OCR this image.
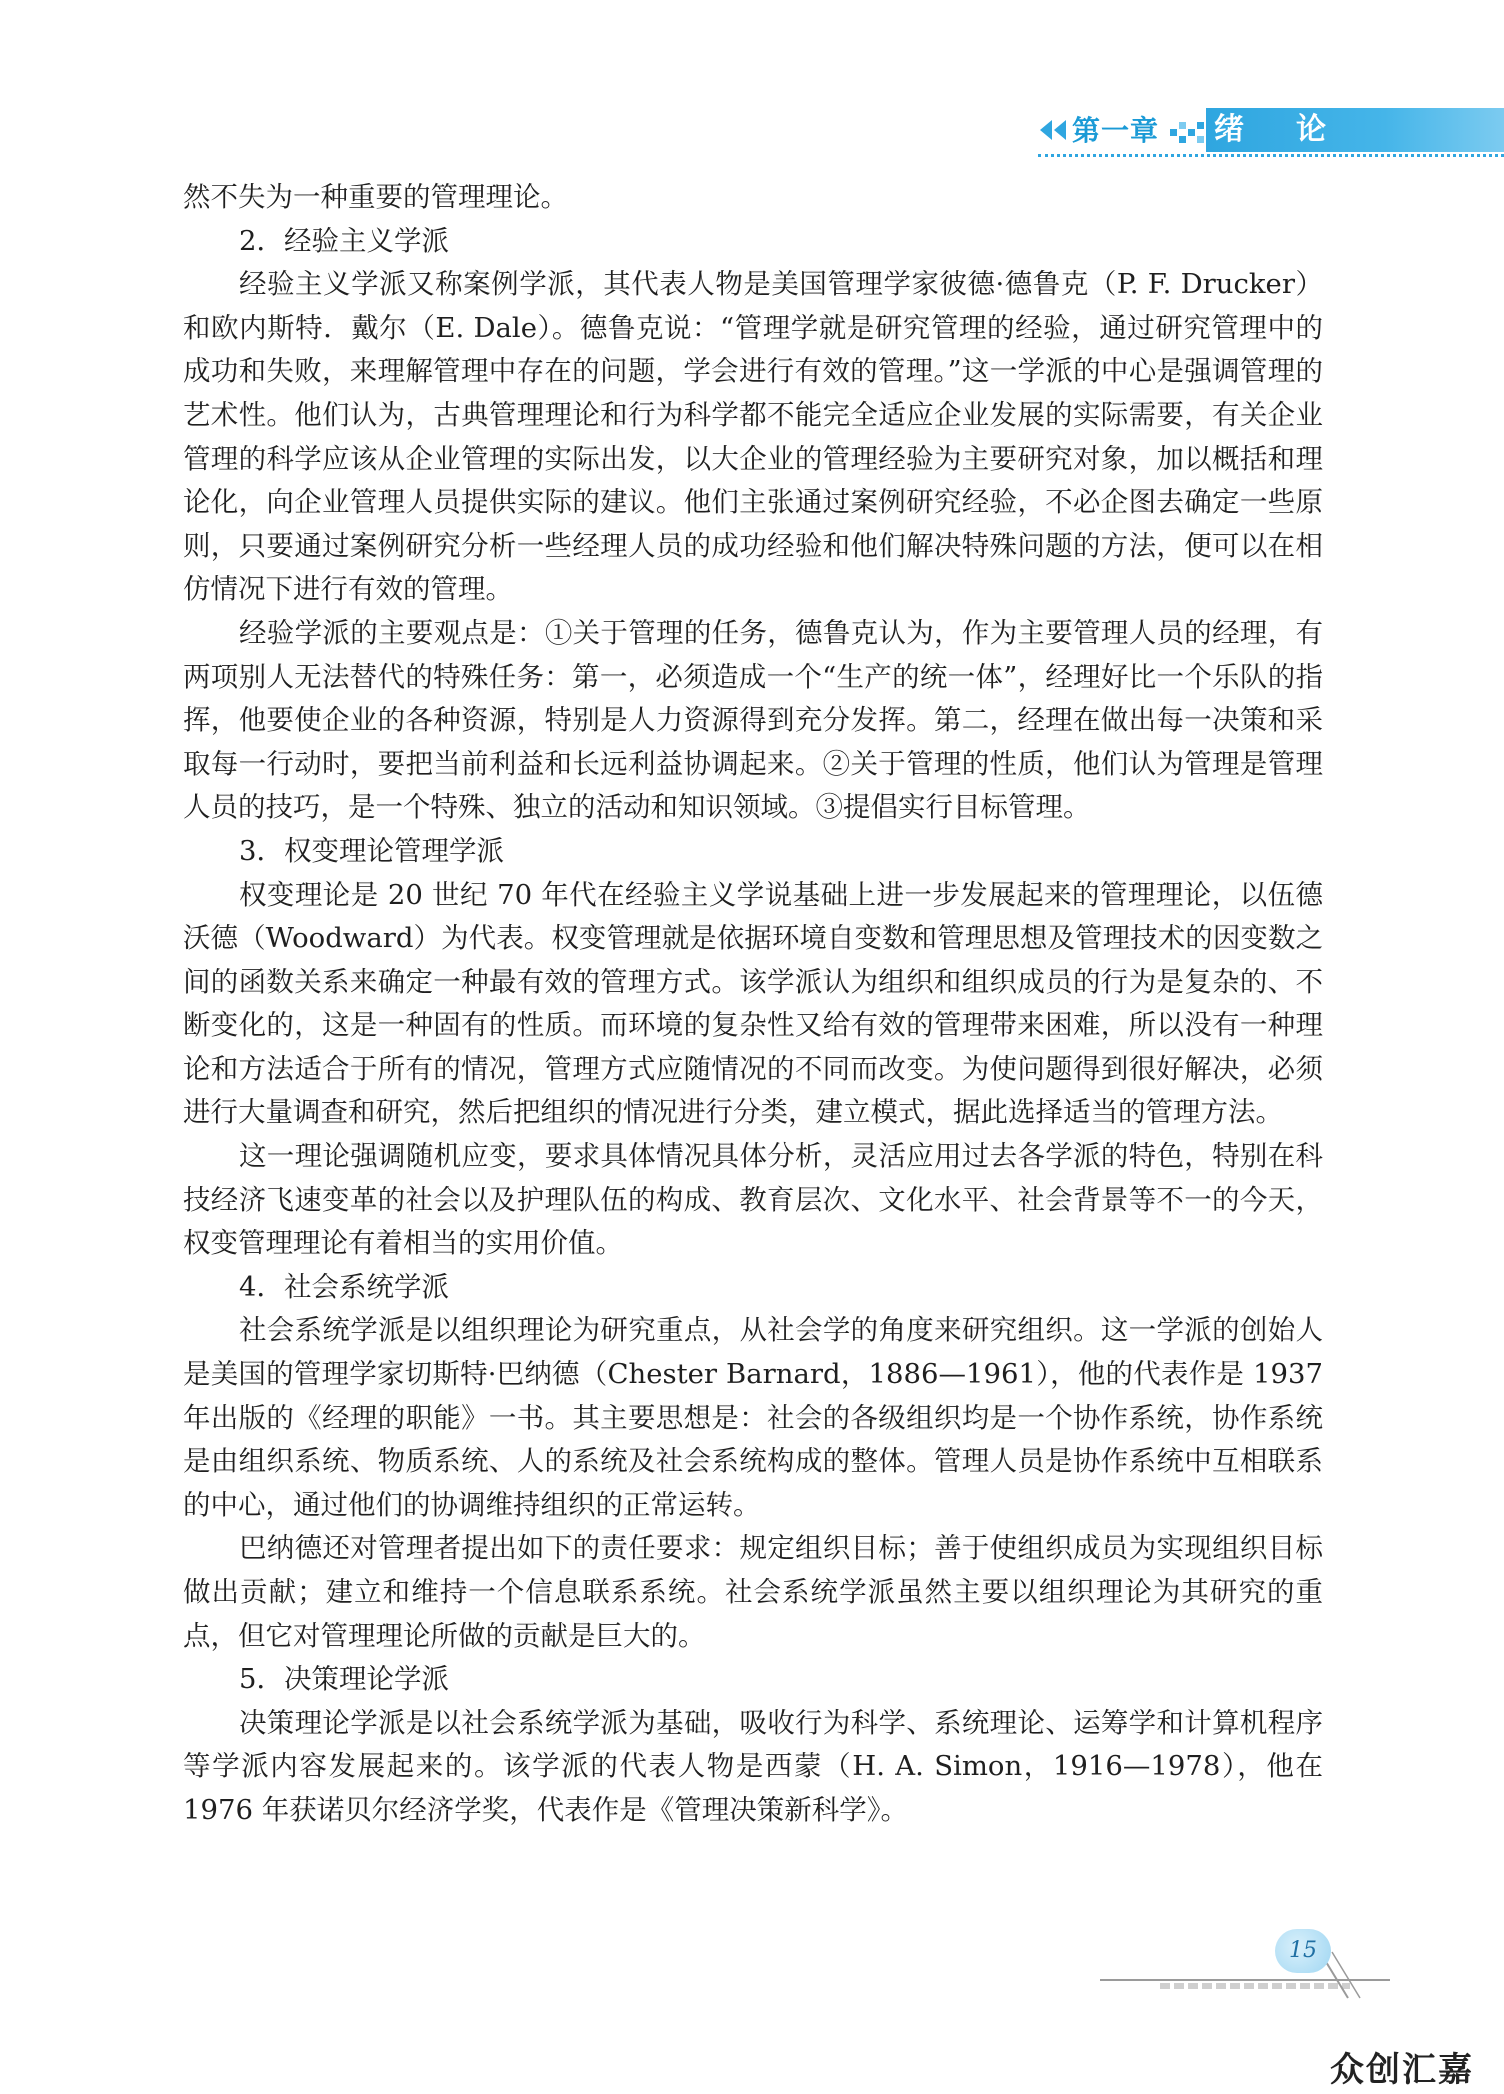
第一章 绪论

然不失为一种重要的管理理论。

2．经验主义学派

经验主义学派又称案例学派，其代表人物是美国管理学家彼德·德鲁克（P. F. Drucker）和欧内斯特．戴尔（E. Dale）。德鲁克说：“管理学就是研究管理的经验，通过研究管理中的成功和失败，来理解管理中存在的问题，学会进行有效的管理。”这一学派的中心是强调管理的艺术性。他们认为，古典管理理论和行为科学都不能完全适应企业发展的实际需要，有关企业管理的科学应该从企业管理的实际出发，以大企业的管理经验为主要研究对象，加以概括和理论化，向企业管理人员提供实际的建议。他们主张通过案例研究经验，不必企图去确定一些原则，只要通过案例研究分析一些经理人员的成功经验和他们解决特殊问题的方法，便可以在相仿情况下进行有效的管理。

经验学派的主要观点是：①关于管理的任务，德鲁克认为，作为主要管理人员的经理，有两项别人无法替代的特殊任务：第一，必须造成一个“生产的统一体”，经理好比一个乐队的指挥，他要使企业的各种资源，特别是人力资源得到充分发挥。第二，经理在做出每一决策和采取每一行动时，要把当前利益和长远利益协调起来。②关于管理的性质，他们认为管理是管理人员的技巧，是一个特殊、独立的活动和知识领域。③提倡实行目标管理。

3．权变理论管理学派

权变理论是 20 世纪 70 年代在经验主义学说基础上进一步发展起来的管理理论，以伍德沃德（Woodward）为代表。权变管理就是依据环境自变数和管理思想及管理技术的因变数之间的函数关系来确定一种最有效的管理方式。该学派认为组织和组织成员的行为是复杂的、不断变化的，这是一种固有的性质。而环境的复杂性又给有效的管理带来困难，所以没有一种理论和方法适合于所有的情况，管理方式应随情况的不同而改变。为使问题得到很好解决，必须进行大量调查和研究，然后把组织的情况进行分类，建立模式，据此选择适当的管理方法。

这一理论强调随机应变，要求具体情况具体分析，灵活应用过去各学派的特色，特别在科技经济飞速变革的社会以及护理队伍的构成、教育层次、文化水平、社会背景等不一的今天，权变管理理论有着相当的实用价值。

4．社会系统学派

社会系统学派是以组织理论为研究重点，从社会学的角度来研究组织。这一学派的创始人是美国的管理学家切斯特·巴纳德（Chester Barnard，1886—1961），他的代表作是 1937 年出版的《经理的职能》一书。其主要思想是：社会的各级组织均是一个协作系统，协作系统是由组织系统、物质系统、人的系统及社会系统构成的整体。管理人员是协作系统中互相联系的中心，通过他们的协调维持组织的正常运转。

巴纳德还对管理者提出如下的责任要求：规定组织目标；善于使组织成员为实现组织目标做出贡献；建立和维持一个信息联系系统。社会系统学派虽然主要以组织理论为其研究的重点，但它对管理理论所做的贡献是巨大的。

5．决策理论学派

决策理论学派是以社会系统学派为基础，吸收行为科学、系统理论、运筹学和计算机程序等学派内容发展起来的。该学派的代表人物是西蒙（H. A. Simon，1916—1978），他在 1976 年获诺贝尔经济学奖，代表作是《管理决策新科学》。

15
众创汇嘉
